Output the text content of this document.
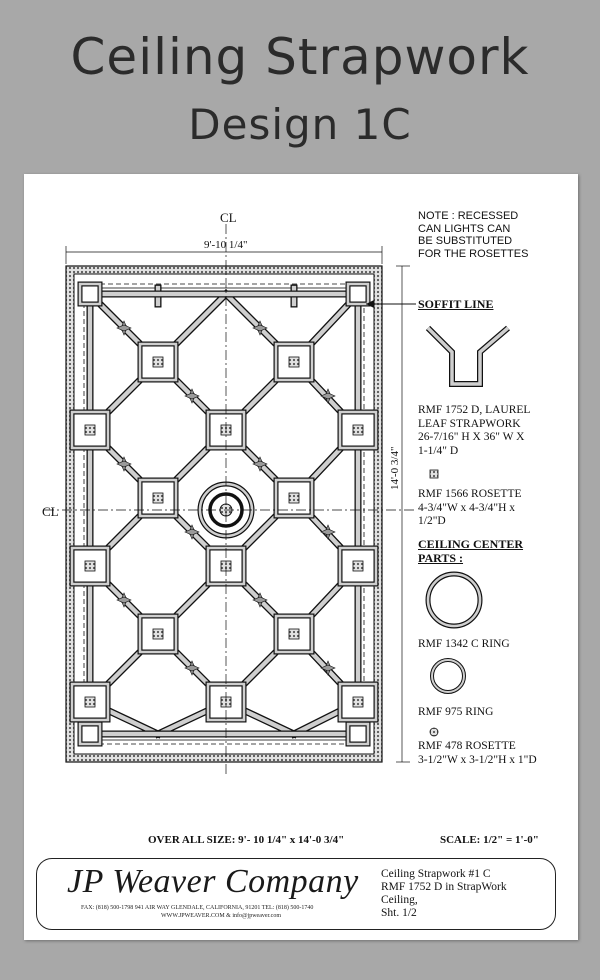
Ceiling Strapwork
Design 1C
9'-10 1/4"
14'-0 3/4"
CL
CL
NOTE : RECESSED
CAN LIGHTS CAN
BE SUBSTITUTED
FOR THE ROSETTES
SOFFIT LINE
RMF 1752 D, LAUREL
LEAF STRAPWORK
26-7/16" H X 36" W X
1-1/4" D
RMF 1566 ROSETTE
4-3/4"W x 4-3/4"H x
1/2"D
CEILING CENTER
PARTS :
RMF 1342 C RING
RMF 975 RING
RMF 478 ROSETTE
3-1/2"W x 3-1/2"H x 1"D
OVER ALL SIZE: 9'- 10 1/4" x 14'-0 3/4"	SCALE: 1/2" = 1'-0"
JP Weaver Company
FAX: (818) 500-1798 941 AIR WAY GLENDALE, CALIFORNIA, 91201 TEL: (818) 500-1740
WWW.JPWEAVER.COM & info@jpweaver.com
Ceiling Strapwork #1 C
RMF 1752 D in StrapWork
Ceiling,
Sht. 1/2
